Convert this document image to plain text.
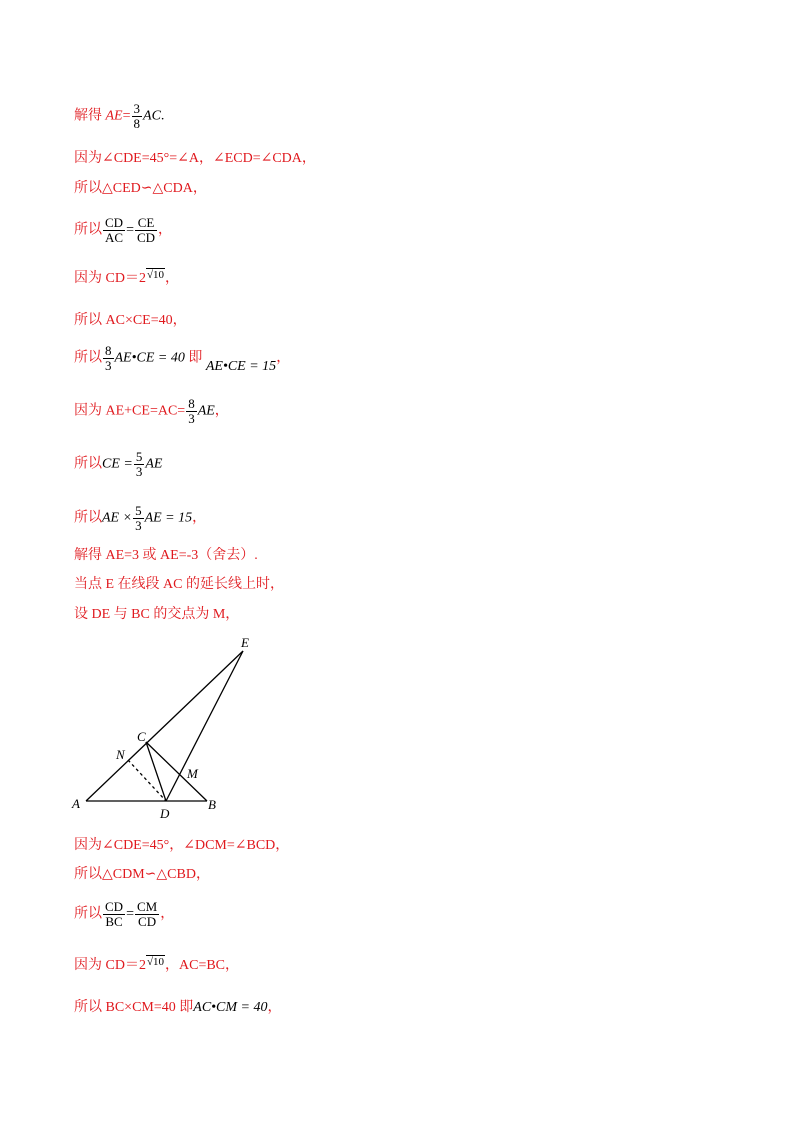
解得 $AE= \frac{3}{8}$ AC.
因为∠CDE=45°=∠A，∠ECD=∠CDA，
所以△CED∽△CDA，
所以 $\frac{CD}{AC} = \frac{CE}{CD}$ ，
因为 $CD=2^{√10}$，
所以 AC×CE=40，
所以 $\frac{8}{3}$ AE•CE = 40 即 AE•CE = 15，
因为 $AE+CE=AC= \frac{8}{3}$ AE，
所以CE = $\frac{5}{3}$ AE
所以AE × $\frac{5}{3}$ AE = 15，
解得 AE=3 或 AE=-3（舍去）.
当点 E 在线段 AC 的延长线上时，
设 DE 与 BC 的交点为 M，
A	B
C
D
E
M
N
因为∠CDE=45°，∠DCM=∠BCD，
所以△CDM∽△CBD，
所以 $\frac{CD}{BC} = \frac{CM}{CD}$ ，
因为 $CD=2^{√10}$，AC=BC，
所以 BC×CM=40 即AC•CM = 40，
